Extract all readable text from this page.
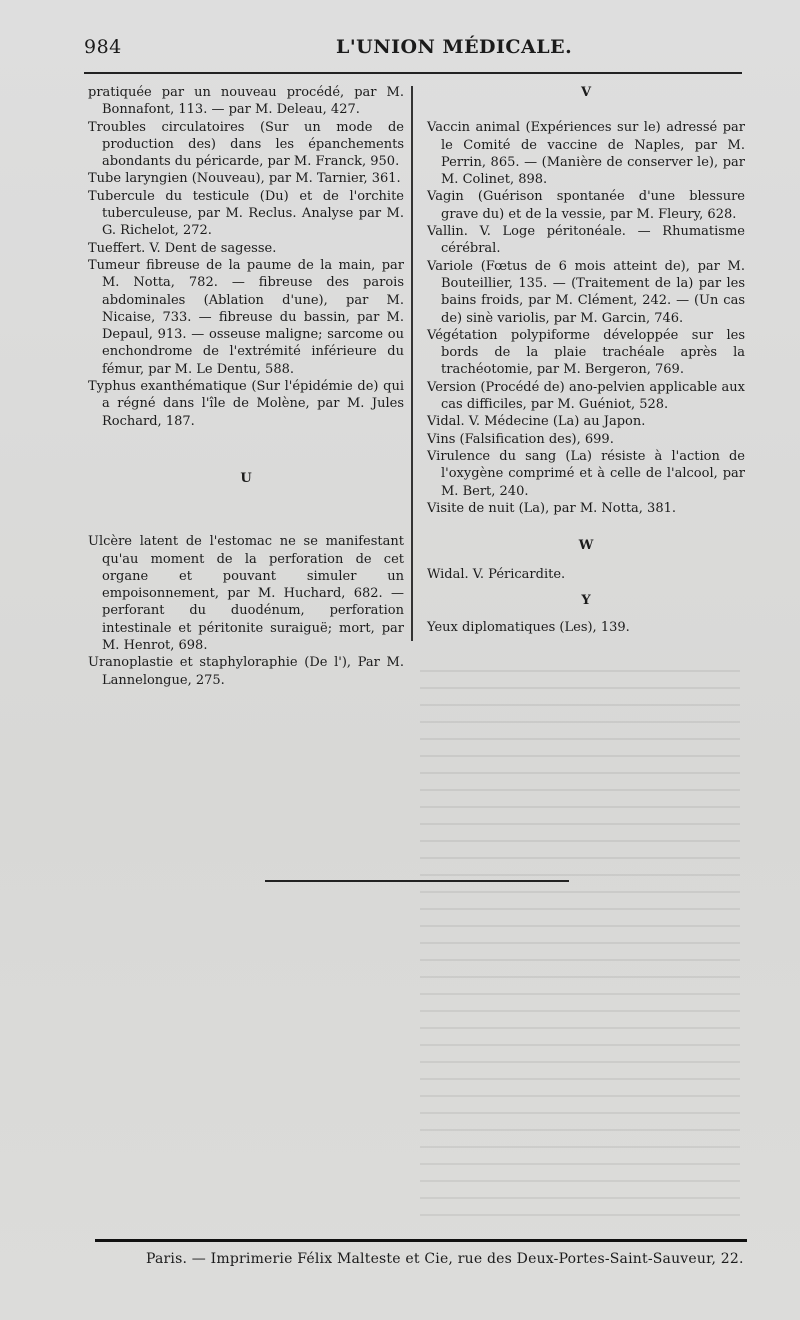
984	L'UNION MÉDICALE.

pratiquée par un nouveau procédé, par M. Bonnafont, 113. — par M. Deleau, 427.

Troubles circulatoires (Sur un mode de production des) dans les épanchements abondants du péricarde, par M. Franck, 950.

Tube laryngien (Nouveau), par M. Tarnier, 361.

Tubercule du testicule (Du) et de l'orchite tuberculeuse, par M. Reclus. Analyse par M. G. Richelot, 272.

Tueffert. V. Dent de sagesse.

Tumeur fibreuse de la paume de la main, par M. Notta, 782. — fibreuse des parois abdominales (Ablation d'une), par M. Nicaise, 733. — fibreuse du bassin, par M. Depaul, 913. — osseuse maligne; sarcome ou enchondrome de l'extrémité inférieure du fémur, par M. Le Dentu, 588.

Typhus exanthématique (Sur l'épidémie de) qui a régné dans l'île de Molène, par M. Jules Rochard, 187.

U

Ulcère latent de l'estomac ne se manifestant qu'au moment de la perforation de cet organe et pouvant simuler un empoisonnement, par M. Huchard, 682. — perforant du duodénum, perforation intestinale et péritonite suraiguë; mort, par M. Henrot, 698.

Uranoplastie et staphyloraphie (De l'), Par M. Lannelongue, 275.

V

Vaccin animal (Expériences sur le) adressé par le Comité de vaccine de Naples, par M. Perrin, 865. — (Manière de conserver le), par M. Colinet, 898.

Vagin (Guérison spontanée d'une blessure grave du) et de la vessie, par M. Fleury, 628.

Vallin. V. Loge péritonéale. — Rhumatisme cérébral.

Variole (Fœtus de 6 mois atteint de), par M. Bouteillier, 135. — (Traitement de la) par les bains froids, par M. Clément, 242. — (Un cas de) sinè variolis, par M. Garcin, 746.

Végétation polypiforme développée sur les bords de la plaie trachéale après la trachéotomie, par M. Bergeron, 769.

Version (Procédé de) ano-pelvien applicable aux cas difficiles, par M. Guéniot, 528.

Vidal. V. Médecine (La) au Japon.

Vins (Falsification des), 699.

Virulence du sang (La) résiste à l'action de l'oxygène comprimé et à celle de l'alcool, par M. Bert, 240.

Visite de nuit (La), par M. Notta, 381.

W

Widal. V. Péricardite.

Y

Yeux diplomatiques (Les), 139.

Paris. — Imprimerie Félix Malteste et Cie, rue des Deux-Portes-Saint-Sauveur, 22.
